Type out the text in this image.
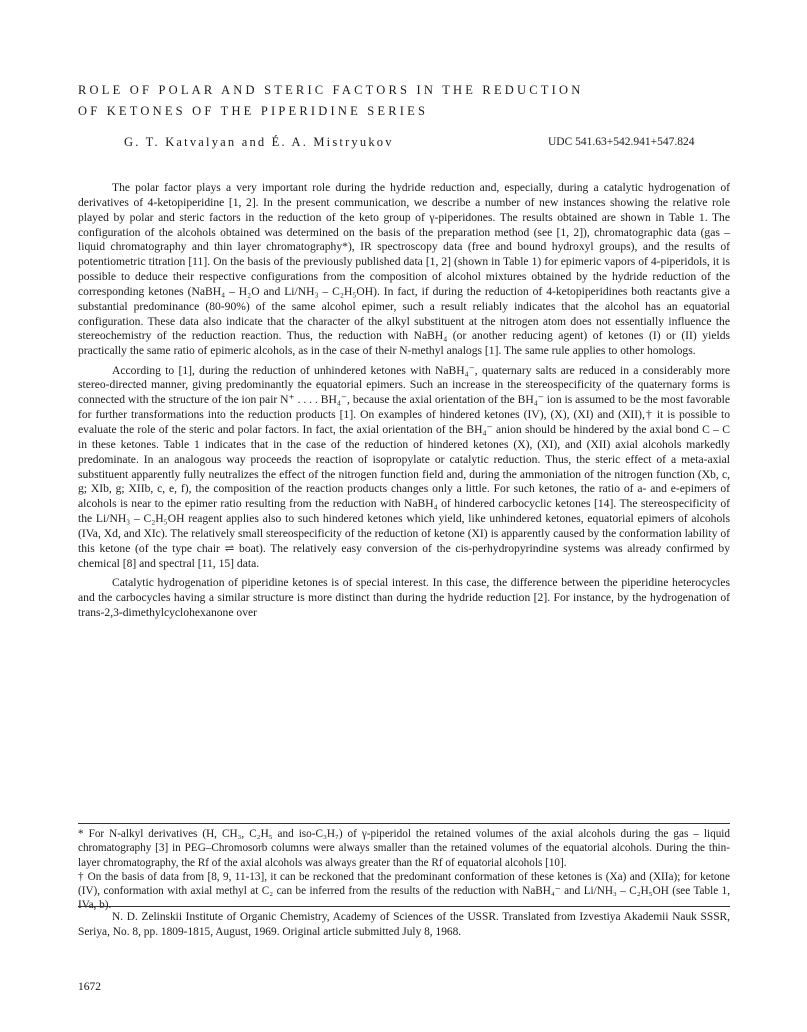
ROLE OF POLAR AND STERIC FACTORS IN THE REDUCTION
OF KETONES OF THE PIPERIDINE SERIES
G. T. Katvalyan and É. A. Mistryukov	UDC 541.63+542.941+547.824

The polar factor plays a very important role during the hydride reduction and, especially, during a catalytic hydrogenation of derivatives of 4-ketopiperidine [1, 2]. In the present communication, we describe a number of new instances showing the relative role played by polar and steric factors in the reduction of the keto group of γ-piperidones. The results obtained are shown in Table 1. The configuration of the alcohols obtained was determined on the basis of the preparation method (see [1, 2]), chromatographic data (gas – liquid chromatography and thin layer chromatography*), IR spectroscopy data (free and bound hydroxyl groups), and the results of potentiometric titration [11]. On the basis of the previously published data [1, 2] (shown in Table 1) for epimeric vapors of 4-piperidols, it is possible to deduce their respective configurations from the composition of alcohol mixtures obtained by the hydride reduction of the corresponding ketones (NaBH₄ – H₂O and Li/NH₃ – C₂H₅OH). In fact, if during the reduction of 4-ketopiperidines both reactants give a substantial predominance (80-90%) of the same alcohol epimer, such a result reliably indicates that the alcohol has an equatorial configuration. These data also indicate that the character of the alkyl substituent at the nitrogen atom does not essentially influence the stereochemistry of the reduction reaction. Thus, the reduction with NaBH₄ (or another reducing agent) of ketones (I) or (II) yields practically the same ratio of epimeric alcohols, as in the case of their N-methyl analogs [1]. The same rule applies to other homologs.

According to [1], during the reduction of unhindered ketones with NaBH₄⁻, quaternary salts are reduced in a considerably more stereo-directed manner, giving predominantly the equatorial epimers. Such an increase in the stereospecificity of the quaternary forms is connected with the structure of the ion pair N⁺ . . . . BH₄⁻, because the axial orientation of the BH₄⁻ ion is assumed to be the most favorable for further transformations into the reduction products [1]. On examples of hindered ketones (IV), (X), (XI) and (XII),† it is possible to evaluate the role of the steric and polar factors. In fact, the axial orientation of the BH₄⁻ anion should be hindered by the axial bond C – C in these ketones. Table 1 indicates that in the case of the reduction of hindered ketones (X), (XI), and (XII) axial alcohols markedly predominate. In an analogous way proceeds the reaction of isopropylate or catalytic reduction. Thus, the steric effect of a meta-axial substituent apparently fully neutralizes the effect of the nitrogen function field and, during the ammoniation of the nitrogen function (Xb, c, g; XIb, g; XIIb, c, e, f), the composition of the reaction products changes only a little. For such ketones, the ratio of a- and e-epimers of alcohols is near to the epimer ratio resulting from the reduction with NaBH₄ of hindered carbocyclic ketones [14]. The stereospecificity of the Li/NH₃ – C₂H₅OH reagent applies also to such hindered ketones which yield, like unhindered ketones, equatorial epimers of alcohols (IVa, Xd, and XIc). The relatively small stereospecificity of the reduction of ketone (XI) is apparently caused by the conformation lability of this ketone (of the type chair ⇌ boat). The relatively easy conversion of the cis-perhydropyrindine systems was already confirmed by chemical [8] and spectral [11, 15] data.

Catalytic hydrogenation of piperidine ketones is of special interest. In this case, the difference between the piperidine heterocycles and the carbocycles having a similar structure is more distinct than during the hydride reduction [2]. For instance, by the hydrogenation of trans-2,3-dimethylcyclohexanone over

* For N-alkyl derivatives (H, CH₃, C₂H₅ and iso-C₃H₇) of γ-piperidol the retained volumes of the axial alcohols during the gas – liquid chromatography [3] in PEG–Chromosorb columns were always smaller than the retained volumes of the equatorial alcohols. During the thin-layer chromatography, the Rf of the axial alcohols was always greater than the Rf of equatorial alcohols [10].

† On the basis of data from [8, 9, 11-13], it can be reckoned that the predominant conformation of these ketones is (Xa) and (XIIa); for ketone (IV), conformation with axial methyl at C₂ can be inferred from the results of the reduction with NaBH₄⁻ and Li/NH₃ – C₂H₅OH (see Table 1, IVa, b).

N. D. Zelinskii Institute of Organic Chemistry, Academy of Sciences of the USSR. Translated from Izvestiya Akademii Nauk SSSR, Seriya, No. 8, pp. 1809-1815, August, 1969. Original article submitted July 8, 1968.

1672
